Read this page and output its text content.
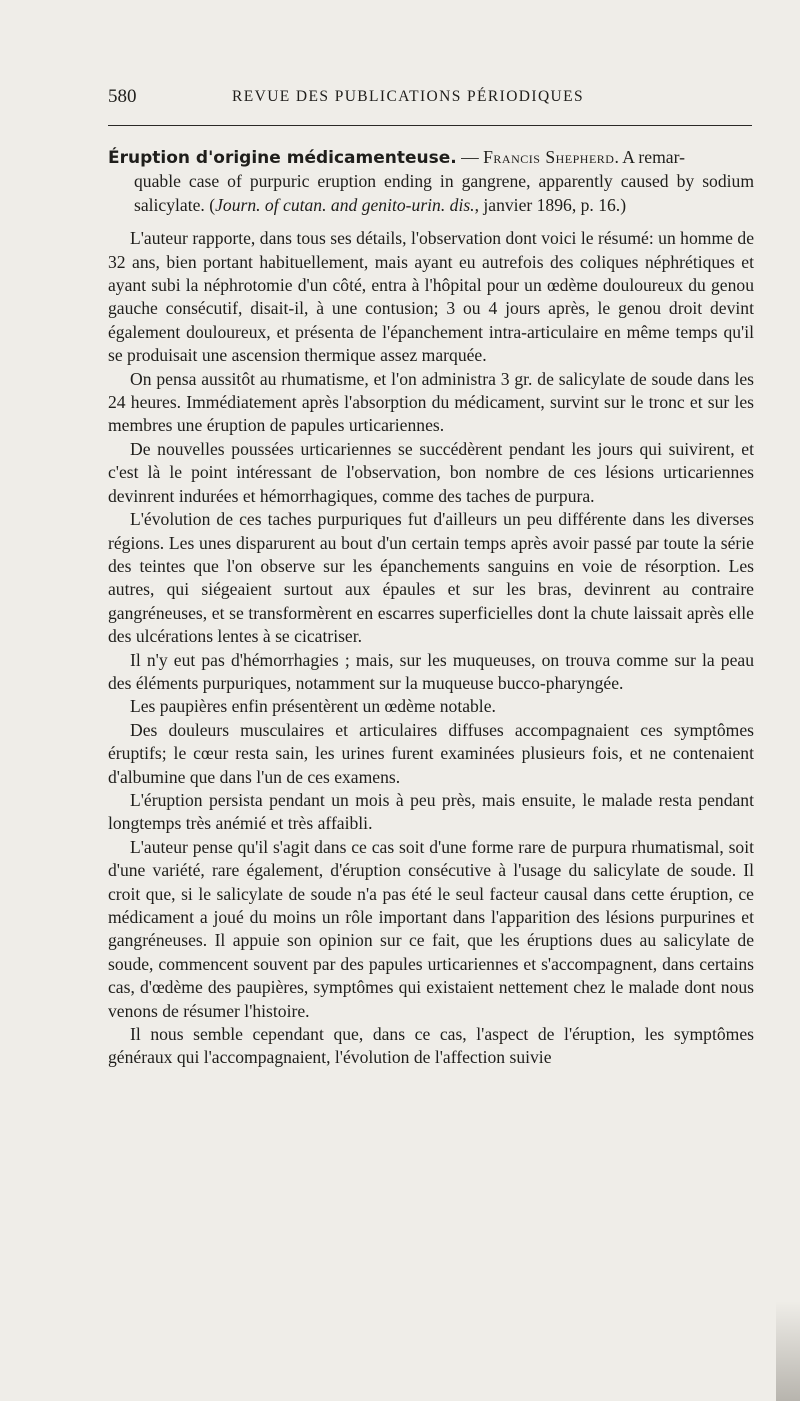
580	REVUE DES PUBLICATIONS PÉRIODIQUES
Éruption d'origine médicamenteuse. — Francis Shepherd. A remar-
quable case of purpuric eruption ending in gangrene, apparently caused by sodium salicylate. (Journ. of cutan. and genito-urin. dis., janvier 1896, p. 16.)

L'auteur rapporte, dans tous ses détails, l'observation dont voici le résumé: un homme de 32 ans, bien portant habituellement, mais ayant eu autrefois des coliques néphrétiques et ayant subi la néphrotomie d'un côté, entra à l'hôpital pour un œdème douloureux du genou gauche consécutif, disait-il, à une contusion; 3 ou 4 jours après, le genou droit devint également douloureux, et présenta de l'épanchement intra-articulaire en même temps qu'il se produisait une ascension thermique assez marquée.

On pensa aussitôt au rhumatisme, et l'on administra 3 gr. de salicylate de soude dans les 24 heures. Immédiatement après l'absorption du médicament, survint sur le tronc et sur les membres une éruption de papules urticariennes.

De nouvelles poussées urticariennes se succédèrent pendant les jours qui suivirent, et c'est là le point intéressant de l'observation, bon nombre de ces lésions urticariennes devinrent indurées et hémorrhagiques, comme des taches de purpura.

L'évolution de ces taches purpuriques fut d'ailleurs un peu différente dans les diverses régions. Les unes disparurent au bout d'un certain temps après avoir passé par toute la série des teintes que l'on observe sur les épanchements sanguins en voie de résorption. Les autres, qui siégeaient surtout aux épaules et sur les bras, devinrent au contraire gangréneuses, et se transformèrent en escarres superficielles dont la chute laissait après elle des ulcérations lentes à se cicatriser.

Il n'y eut pas d'hémorrhagies ; mais, sur les muqueuses, on trouva comme sur la peau des éléments purpuriques, notamment sur la muqueuse bucco-pharyngée.

Les paupières enfin présentèrent un œdème notable.

Des douleurs musculaires et articulaires diffuses accompagnaient ces symptômes éruptifs; le cœur resta sain, les urines furent examinées plusieurs fois, et ne contenaient d'albumine que dans l'un de ces examens.

L'éruption persista pendant un mois à peu près, mais ensuite, le malade resta pendant longtemps très anémié et très affaibli.

L'auteur pense qu'il s'agit dans ce cas soit d'une forme rare de purpura rhumatismal, soit d'une variété, rare également, d'éruption consécutive à l'usage du salicylate de soude. Il croit que, si le salicylate de soude n'a pas été le seul facteur causal dans cette éruption, ce médicament a joué du moins un rôle important dans l'apparition des lésions purpurines et gangréneuses. Il appuie son opinion sur ce fait, que les éruptions dues au salicylate de soude, commencent souvent par des papules urticariennes et s'accompagnent, dans certains cas, d'œdème des paupières, symptômes qui existaient nettement chez le malade dont nous venons de résumer l'histoire.

Il nous semble cependant que, dans ce cas, l'aspect de l'éruption, les symptômes généraux qui l'accompagnaient, l'évolution de l'affection suivie
